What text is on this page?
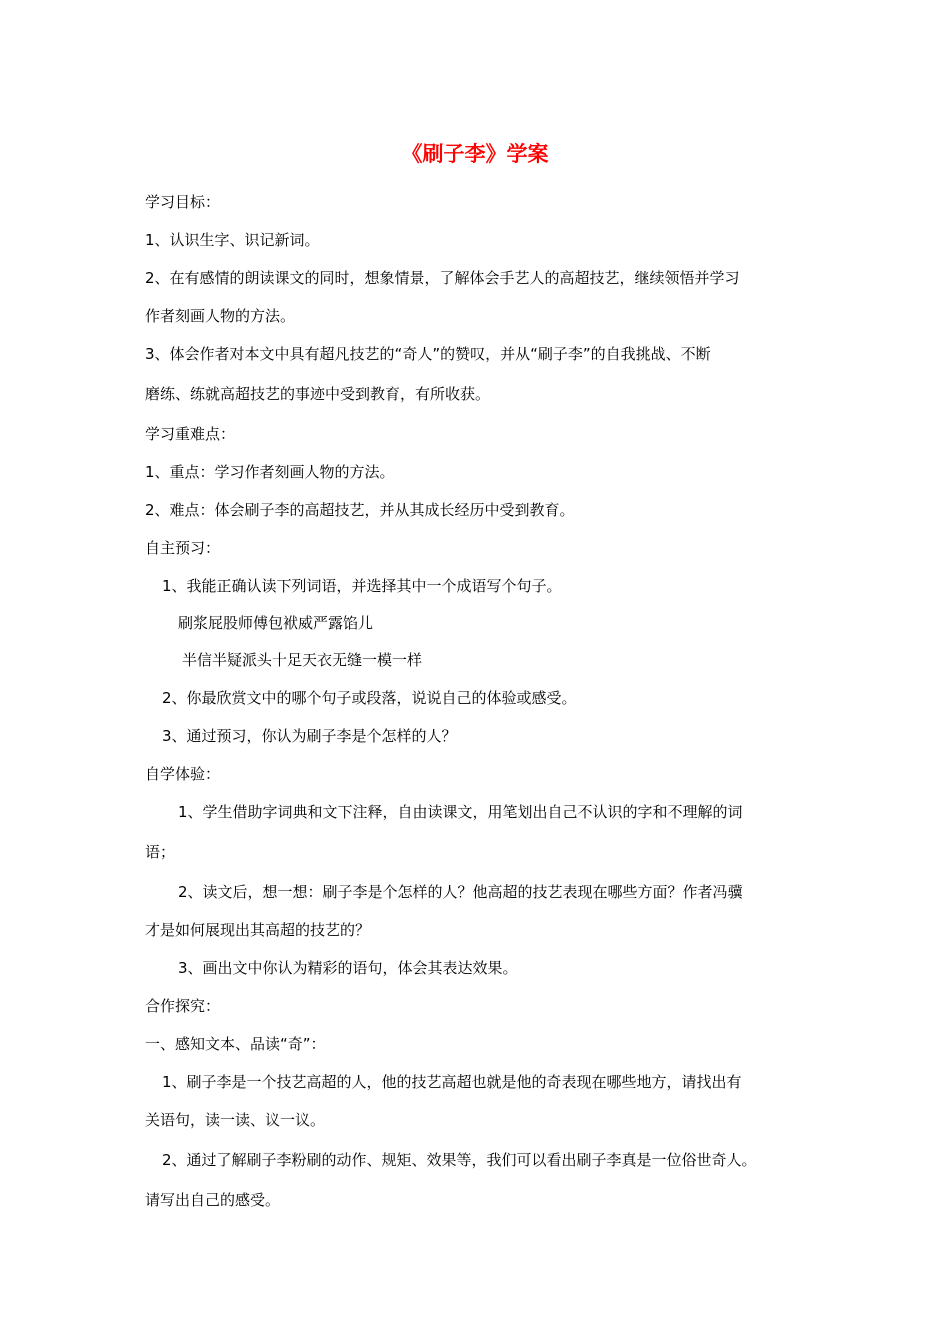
《刷子李》学案
学习目标：
1、认识生字、识记新词。
2、在有感情的朗读课文的同时，想象情景，了解体会手艺人的高超技艺，继续领悟并学习
作者刻画人物的方法。
3、体会作者对本文中具有超凡技艺的“奇人”的赞叹，并从“刷子李”的自我挑战、不断
磨练、练就高超技艺的事迹中受到教育，有所收获。
学习重难点：
1、重点：学习作者刻画人物的方法。
2、难点：体会刷子李的高超技艺，并从其成长经历中受到教育。
自主预习：
1、我能正确认读下列词语，并选择其中一个成语写个句子。
刷浆屁股师傅包袱威严露馅儿
半信半疑派头十足天衣无缝一模一样
2、你最欣赏文中的哪个句子或段落，说说自己的体验或感受。
3、通过预习，你认为刷子李是个怎样的人？
自学体验：
1、学生借助字词典和文下注释，自由读课文，用笔划出自己不认识的字和不理解的词
语；
2、读文后，想一想：刷子李是个怎样的人？他高超的技艺表现在哪些方面？作者冯骥
才是如何展现出其高超的技艺的？
3、画出文中你认为精彩的语句，体会其表达效果。
合作探究：
一、感知文本、品读“奇”：
1、刷子李是一个技艺高超的人，他的技艺高超也就是他的奇表现在哪些地方，请找出有
关语句，读一读、议一议。
2、通过了解刷子李粉刷的动作、规矩、效果等，我们可以看出刷子李真是一位俗世奇人。
请写出自己的感受。
